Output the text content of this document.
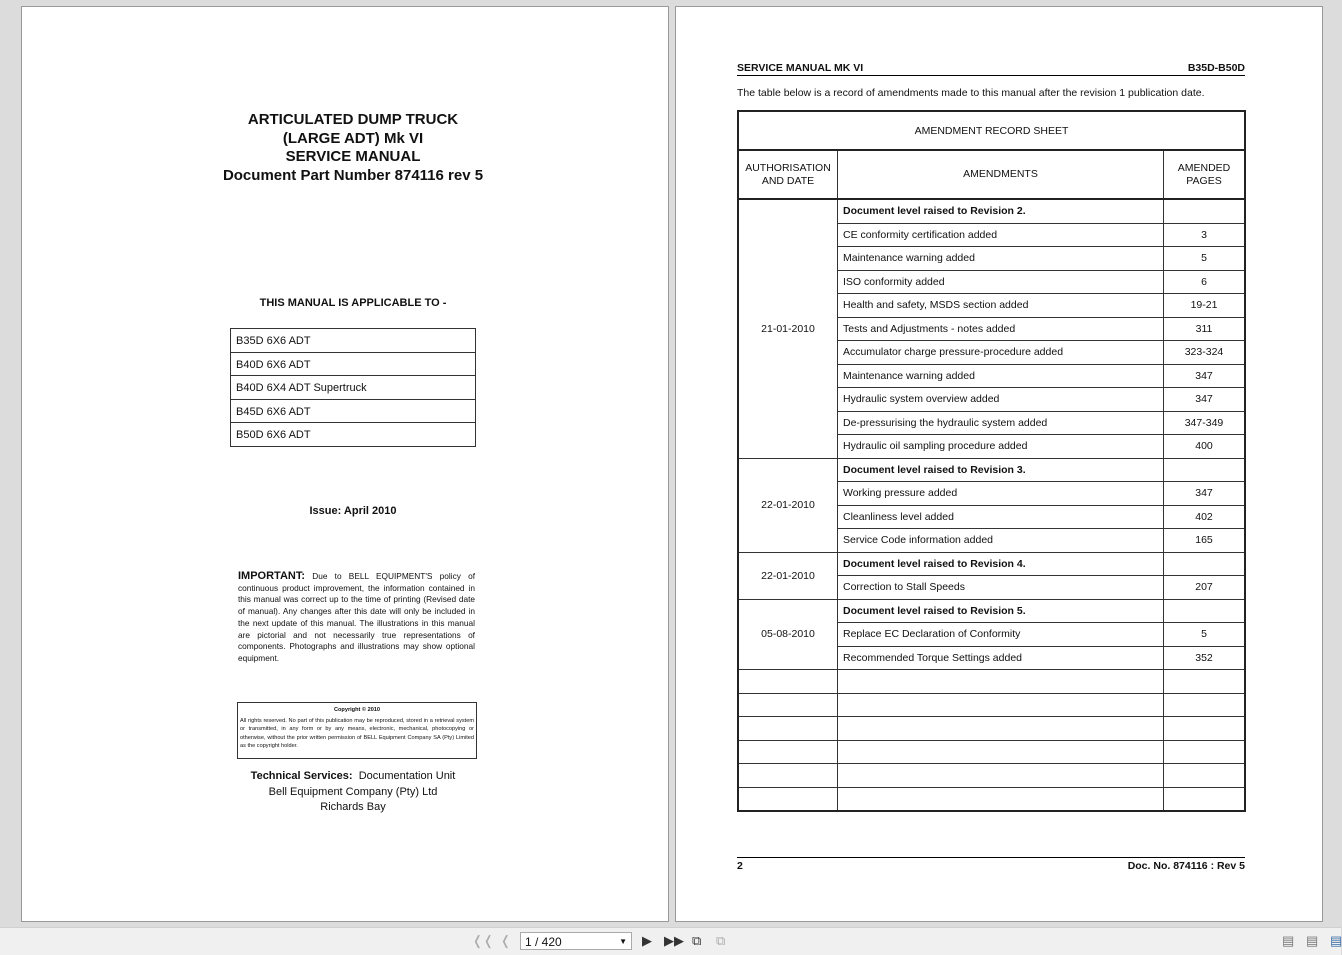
ARTICULATED DUMP TRUCK
(LARGE ADT) Mk VI
SERVICE MANUAL
Document Part Number 874116 rev 5
THIS MANUAL IS APPLICABLE TO -
B35D 6X6 ADT
B40D 6X6 ADT
B40D 6X4 ADT Supertruck
B45D 6X6 ADT
B50D 6X6 ADT
Issue: April 2010
IMPORTANT: Due to BELL EQUIPMENT'S policy of continuous product improvement, the information contained in this manual was correct up to the time of printing (Revised date of manual). Any changes after this date will only be included in the next update of this manual. The illustrations in this manual are pictorial and not necessarily true representations of components. Photographs and illustrations may show optional equipment.
Copyright © 2010
All rights reserved. No part of this publication may be reproduced, stored in a retrieval system or transmitted, in any form or by any means, electronic, mechanical, photocopying or otherwise, without the prior written permission of BELL Equipment Company SA (Pty) Limited as the copyright holder.
Technical Services: Documentation Unit
Bell Equipment Company (Pty) Ltd
Richards Bay
SERVICE MANUAL MK VI	B35D-B50D
The table below is a record of amendments made to this manual after the revision 1 publication date.
AMENDMENT RECORD SHEET		
AUTHORISATION AND DATE	AMENDMENTS	AMENDED PAGES
21-01-2010	Document level raised to Revision 2.	
	CE conformity certification added	3
	Maintenance warning added	5
	ISO conformity added	6
	Health and safety, MSDS section added	19-21
	Tests and Adjustments - notes added	311
	Accumulator charge pressure-procedure added	323-324
	Maintenance warning added	347
	Hydraulic system overview added	347
	De-pressurising the hydraulic system added	347-349
	Hydraulic oil sampling procedure added	400
22-01-2010	Document level raised to Revision 3.	
	Working pressure added	347
	Cleanliness level added	402
	Service Code information added	165
22-01-2010	Document level raised to Revision 4.	
	Correction to Stall Speeds	207
05-08-2010	Document level raised to Revision 5.	
	Replace EC Declaration of Conformity	5
	Recommended Torque Settings added	352

2	Doc. No. 874116 : Rev 5
❬❬ ❬	1 / 420	▼ ▶ ▶▶ ⧉ ⧉	▤ ▤ ▤
